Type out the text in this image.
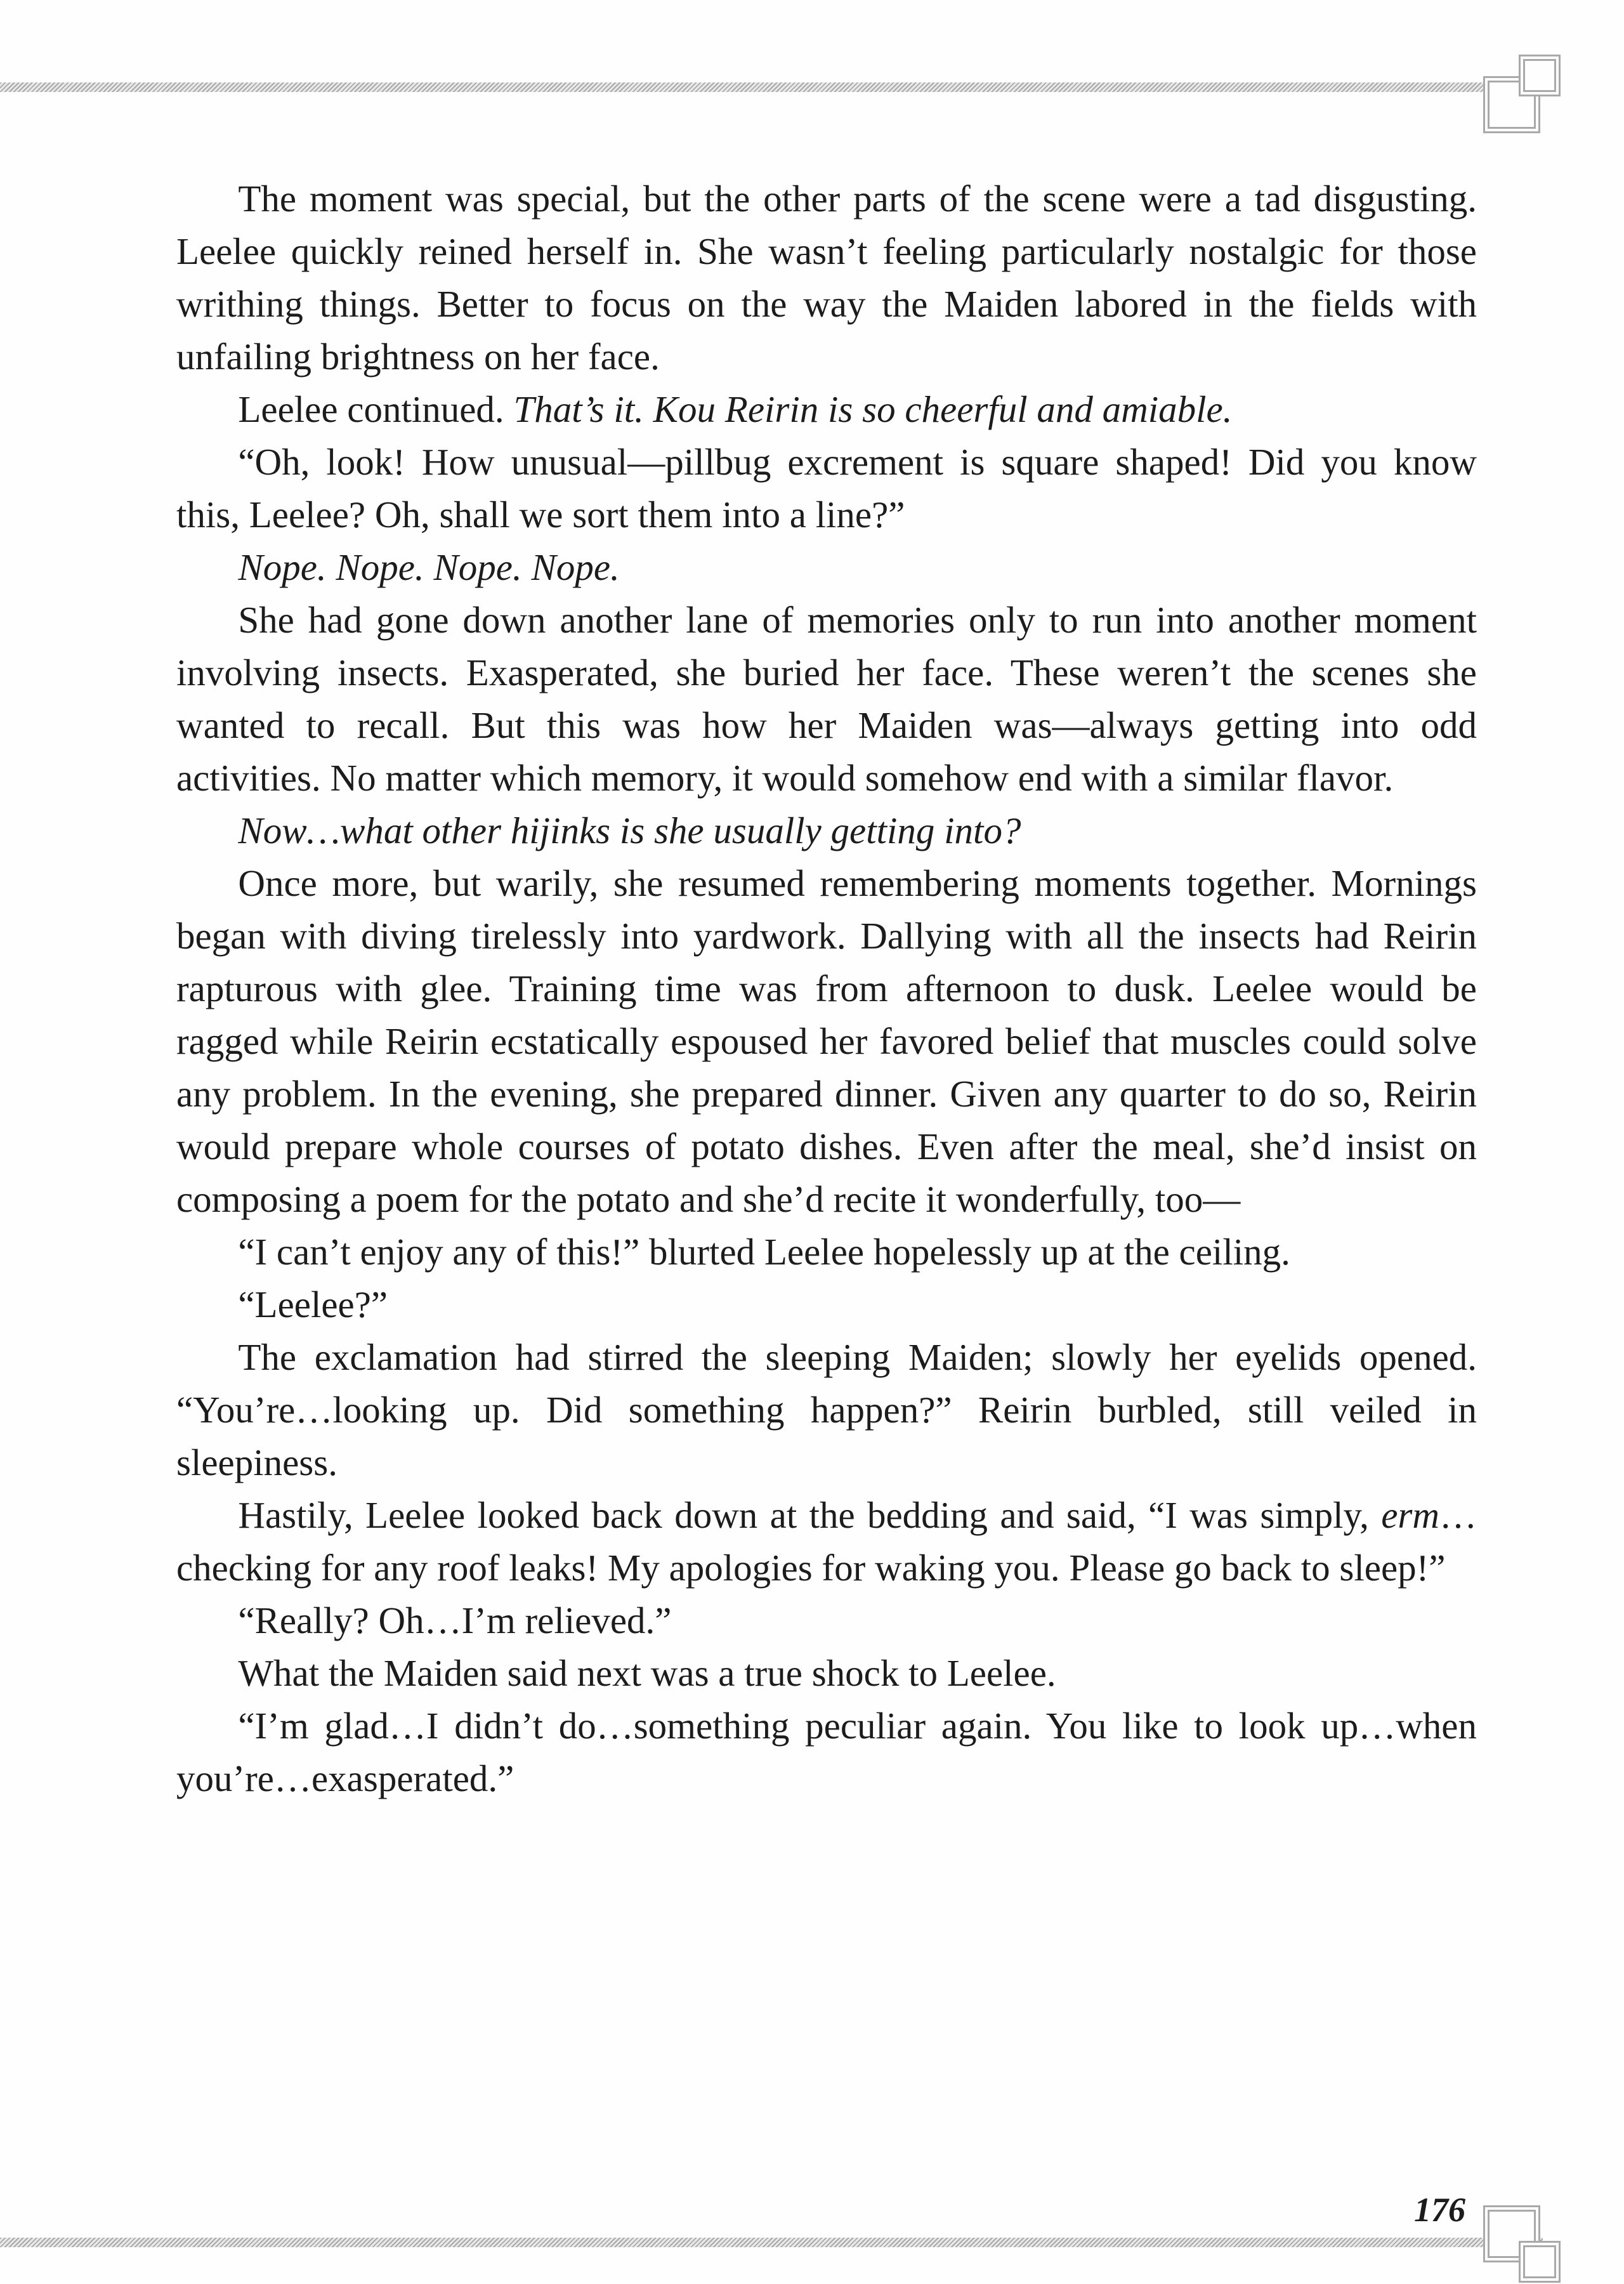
The moment was special, but the other parts of the scene were a tad disgusting. Leelee quickly reined herself in. She wasn’t feeling particularly nostalgic for those writhing things. Better to focus on the way the Maiden labored in the fields with unfailing brightness on her face.

Leelee continued. That’s it. Kou Reirin is so cheerful and amiable.

“Oh, look! How unusual—pillbug excrement is square shaped! Did you know this, Leelee? Oh, shall we sort them into a line?”

Nope. Nope. Nope. Nope.

She had gone down another lane of memories only to run into another moment involving insects. Exasperated, she buried her face. These weren’t the scenes she wanted to recall. But this was how her Maiden was—always getting into odd activities. No matter which memory, it would somehow end with a similar flavor.

Now…what other hijinks is she usually getting into?

Once more, but warily, she resumed remembering moments together. Mornings began with diving tirelessly into yardwork. Dallying with all the insects had Reirin rapturous with glee. Training time was from afternoon to dusk. Leelee would be ragged while Reirin ecstatically espoused her favored belief that muscles could solve any problem. In the evening, she prepared dinner. Given any quarter to do so, Reirin would prepare whole courses of potato dishes. Even after the meal, she’d insist on composing a poem for the potato and she’d recite it wonderfully, too—

“I can’t enjoy any of this!” blurted Leelee hopelessly up at the ceiling.

“Leelee?”

The exclamation had stirred the sleeping Maiden; slowly her eyelids opened. “You’re…looking up. Did something happen?” Reirin burbled, still veiled in sleepiness.

Hastily, Leelee looked back down at the bedding and said, “I was simply, erm…checking for any roof leaks! My apologies for waking you. Please go back to sleep!”

“Really? Oh…I’m relieved.”

What the Maiden said next was a true shock to Leelee.

“I’m glad…I didn’t do…something peculiar again. You like to look up…when you’re…exasperated.”

176
